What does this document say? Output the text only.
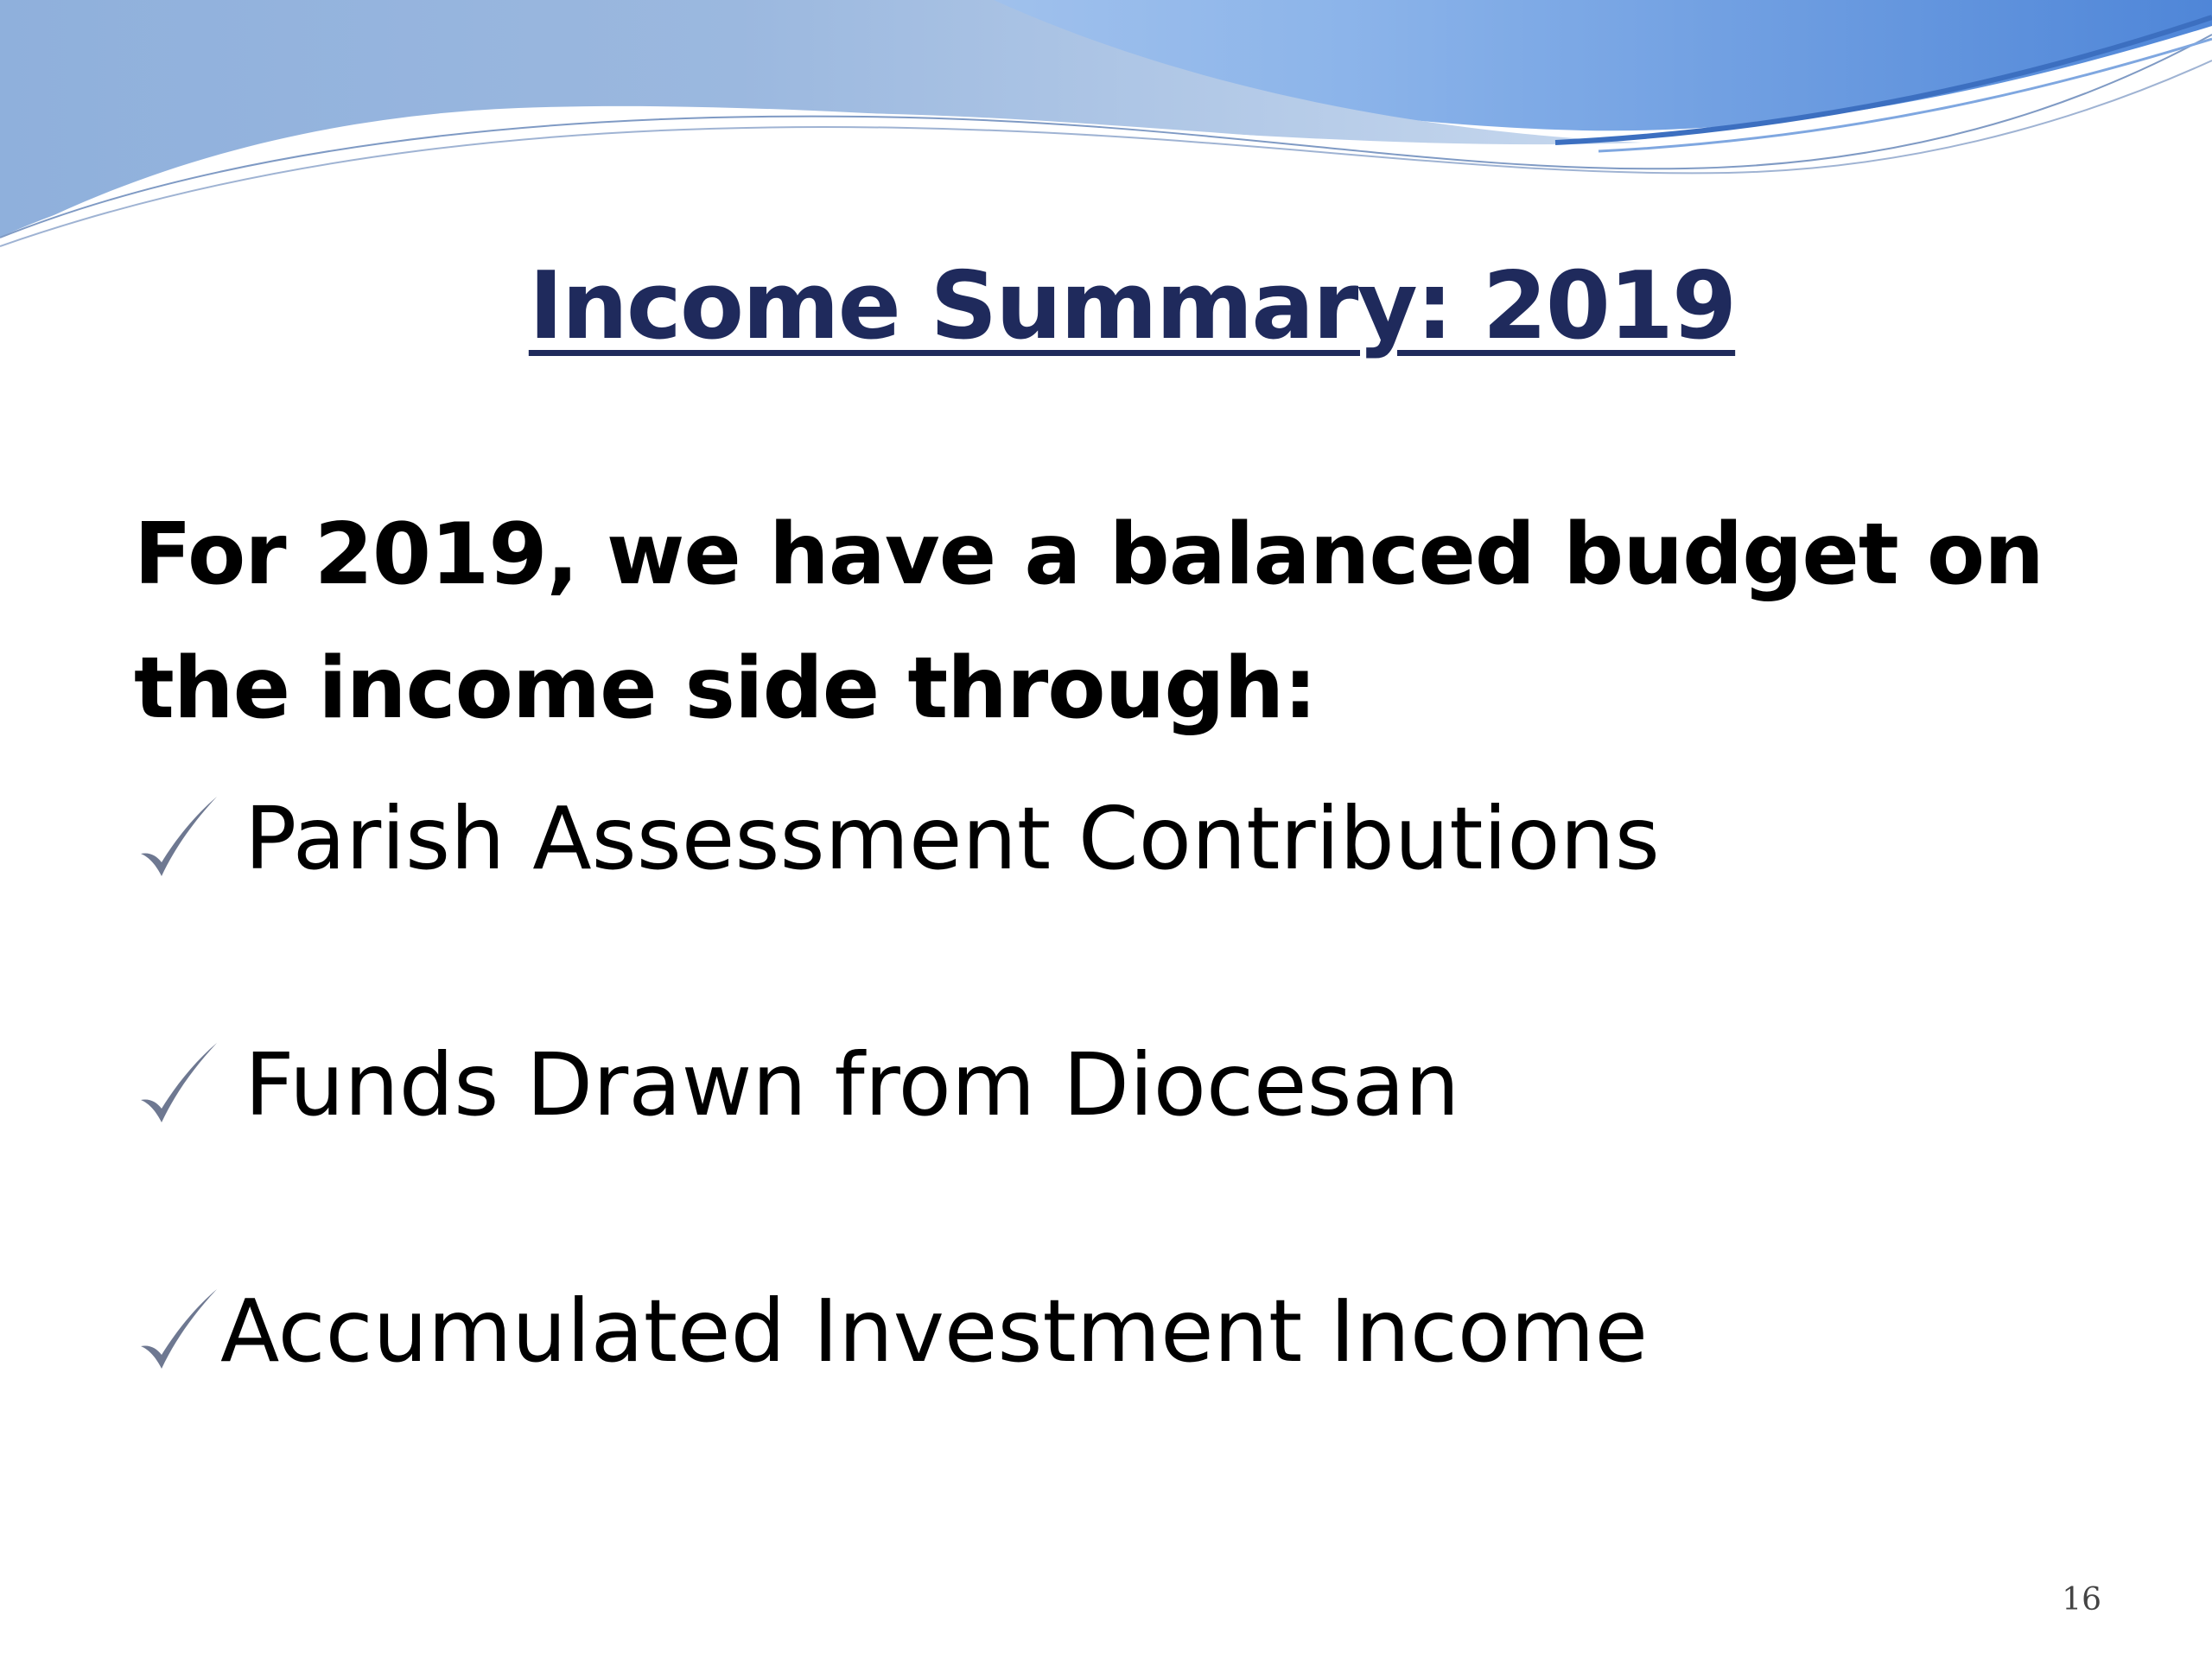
Income Summary: 2019
For 2019, we have a balanced budget on the income side through:
Parish Assessment Contributions
Funds Drawn from Diocesan
Accumulated Investment Income
16
